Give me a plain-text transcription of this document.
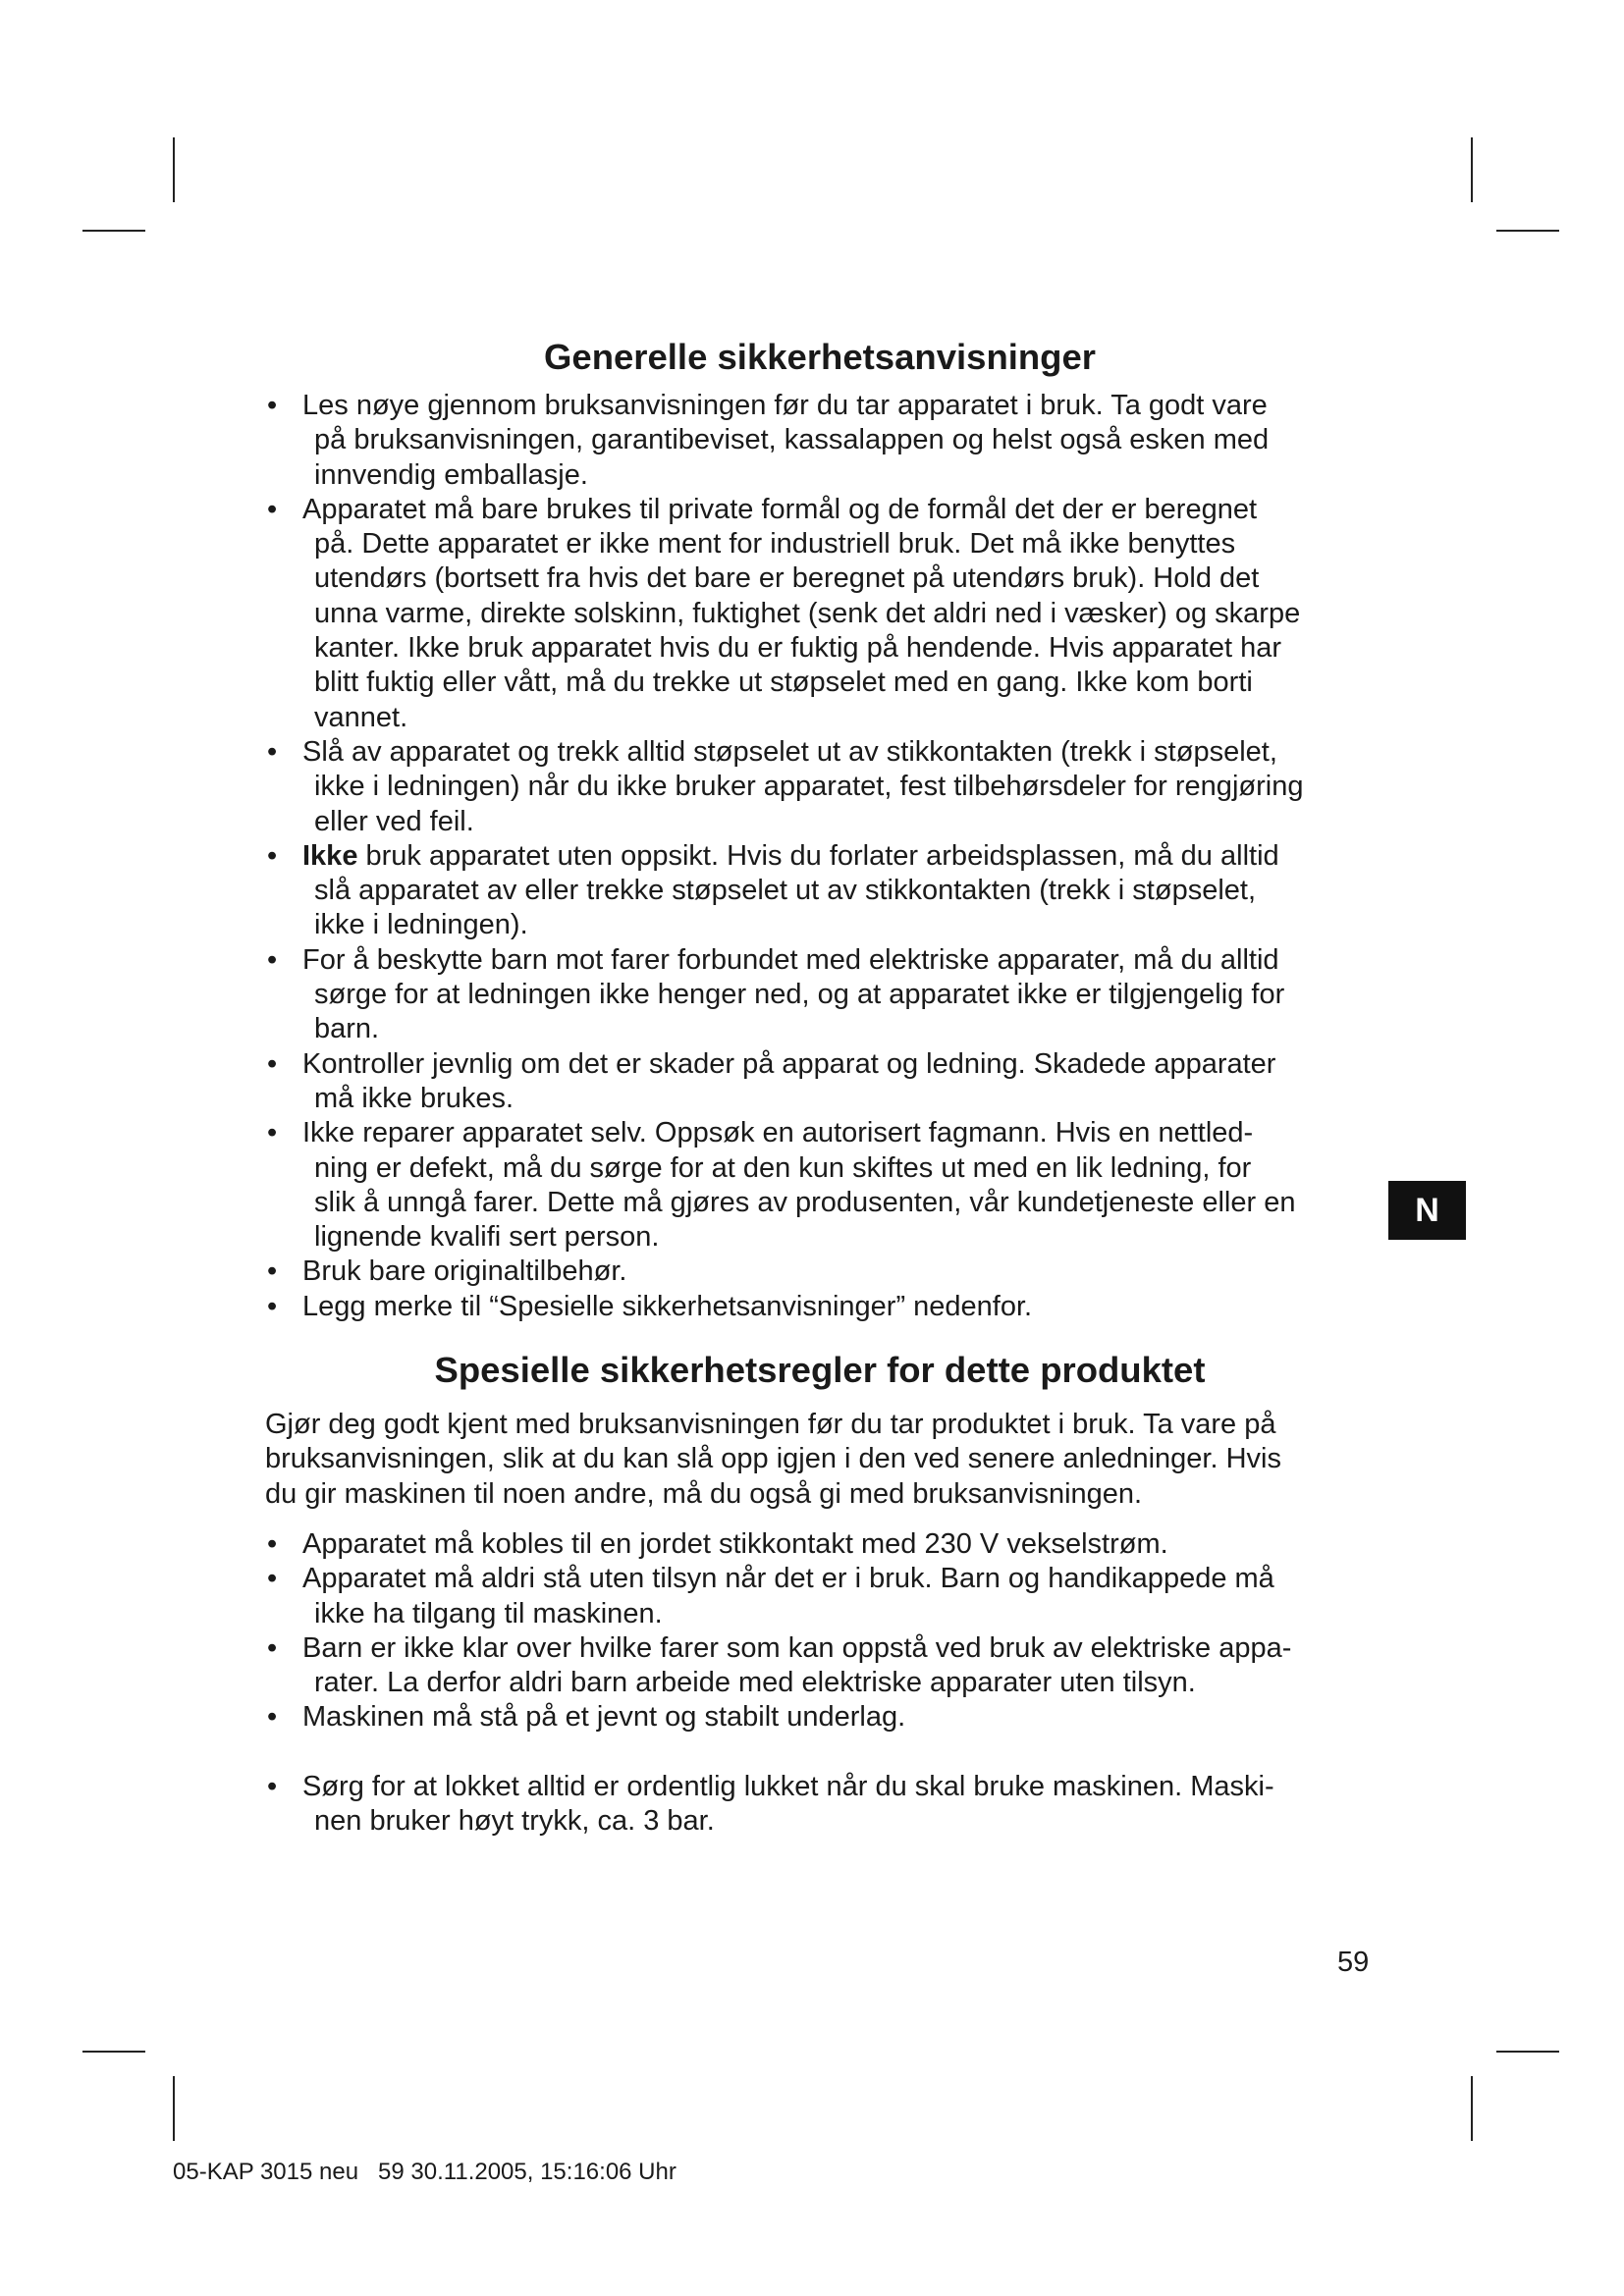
Generelle sikkerhetsanvisninger
• Les nøye gjennom bruksanvisningen før du tar apparatet i bruk. Ta godt vare
på bruksanvisningen, garantibeviset, kassalappen og helst også esken med
innvendig emballasje.
• Apparatet må bare brukes til private formål og de formål det der er beregnet
på. Dette apparatet er ikke ment for industriell bruk. Det må ikke benyttes
utendørs (bortsett fra hvis det bare er beregnet på utendørs bruk). Hold det
unna varme, direkte solskinn, fuktighet (senk det aldri ned i væsker) og skarpe
kanter. Ikke bruk apparatet hvis du er fuktig på hendende. Hvis apparatet har
blitt fuktig eller vått, må du trekke ut støpselet med en gang. Ikke kom borti
vannet.
• Slå av apparatet og trekk alltid støpselet ut av stikkontakten (trekk i støpselet,
ikke i ledningen) når du ikke bruker apparatet, fest tilbehørsdeler for rengjøring
eller ved feil.
• Ikke bruk apparatet uten oppsikt. Hvis du forlater arbeidsplassen, må du alltid
slå apparatet av eller trekke støpselet ut av stikkontakten (trekk i støpselet,
ikke i ledningen).
• For å beskytte barn mot farer forbundet med elektriske apparater, må du alltid
sørge for at ledningen ikke henger ned, og at apparatet ikke er tilgjengelig for
barn.
• Kontroller jevnlig om det er skader på apparat og ledning. Skadede apparater
må ikke brukes.
• Ikke reparer apparatet selv. Oppsøk en autorisert fagmann. Hvis en nettled-
ning er defekt, må du sørge for at den kun skiftes ut med en lik ledning, for
slik å unngå farer. Dette må gjøres av produsenten, vår kundetjeneste eller en
lignende kvalifi sert person.
• Bruk bare originaltilbehør.
• Legg merke til “Spesielle sikkerhetsanvisninger” nedenfor.
Spesielle sikkerhetsregler for dette produktet

Gjør deg godt kjent med bruksanvisningen før du tar produktet i bruk. Ta vare på
bruksanvisningen, slik at du kan slå opp igjen i den ved senere anledninger. Hvis
du gir maskinen til noen andre, må du også gi med bruksanvisningen.

• Apparatet må kobles til en jordet stikkontakt med 230 V vekselstrøm.
• Apparatet må aldri stå uten tilsyn når det er i bruk. Barn og handikappede må
ikke ha tilgang til maskinen.
• Barn er ikke klar over hvilke farer som kan oppstå ved bruk av elektriske appa-
rater. La derfor aldri barn arbeide med elektriske apparater uten tilsyn.
• Maskinen må stå på et jevnt og stabilt underlag.
• Sørg for at lokket alltid er ordentlig lukket når du skal bruke maskinen. Maski-
nen bruker høyt trykk, ca. 3 bar.
N
59
05-KAP 3015 neu   59 30.11.2005, 15:16:06 Uhr
